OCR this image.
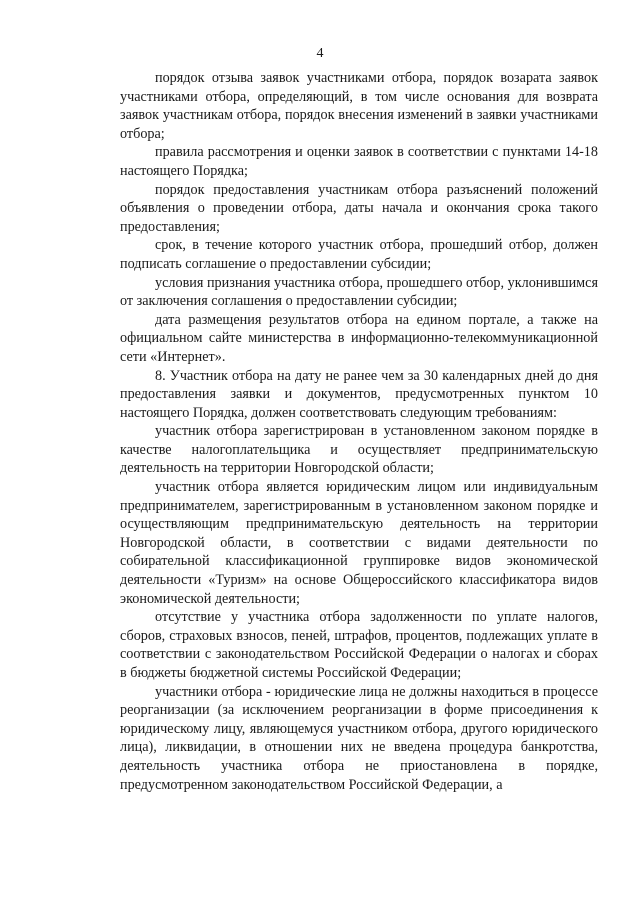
4

порядок отзыва заявок участниками отбора, порядок возарата заявок участниками отбора, определяющий, в том числе основания для возврата заявок участникам отбора, порядок внесения изменений в заявки участниками отбора;

правила рассмотрения и оценки заявок в соответствии с пунктами 14-18 настоящего Порядка;

порядок предоставления участникам отбора разъяснений положений объявления о проведении отбора, даты начала и окончания срока такого предоставления;

срок, в течение которого участник отбора, прошедший отбор, должен подписать соглашение о предоставлении субсидии;

условия признания участника отбора, прошедшего отбор, уклонившимся от заключения соглашения о предоставлении субсидии;

дата размещения результатов отбора на едином портале, а также на официальном сайте министерства в информационно-телекоммуникационной сети «Интернет».

8. Участник отбора на дату не ранее чем за 30 календарных дней до дня предоставления заявки и документов, предусмотренных пунктом 10 настоящего Порядка, должен соответствовать следующим требованиям:

участник отбора зарегистрирован в установленном законом порядке в качестве налогоплательщика и осуществляет предпринимательскую деятельность на территории Новгородской области;

участник отбора является юридическим лицом или индивидуальным предпринимателем, зарегистрированным в установленном законом порядке и осуществляющим предпринимательскую деятельность на территории Новгородской области, в соответствии с видами деятельности по собирательной классификационной группировке видов экономической деятельности «Туризм» на основе Общероссийского классификатора видов экономической деятельности;

отсутствие у участника отбора задолженности по уплате налогов, сборов, страховых взносов, пеней, штрафов, процентов, подлежащих уплате в соответствии с законодательством Российской Федерации о налогах и сборах в бюджеты бюджетной системы Российской Федерации;

участники отбора - юридические лица не должны находиться в процессе реорганизации (за исключением реорганизации в форме присоединения к юридическому лицу, являющемуся участником отбора, другого юридического лица), ликвидации, в отношении них не введена процедура банкротства, деятельность участника отбора не приостановлена в порядке, предусмотренном законодательством Российской Федерации, а
